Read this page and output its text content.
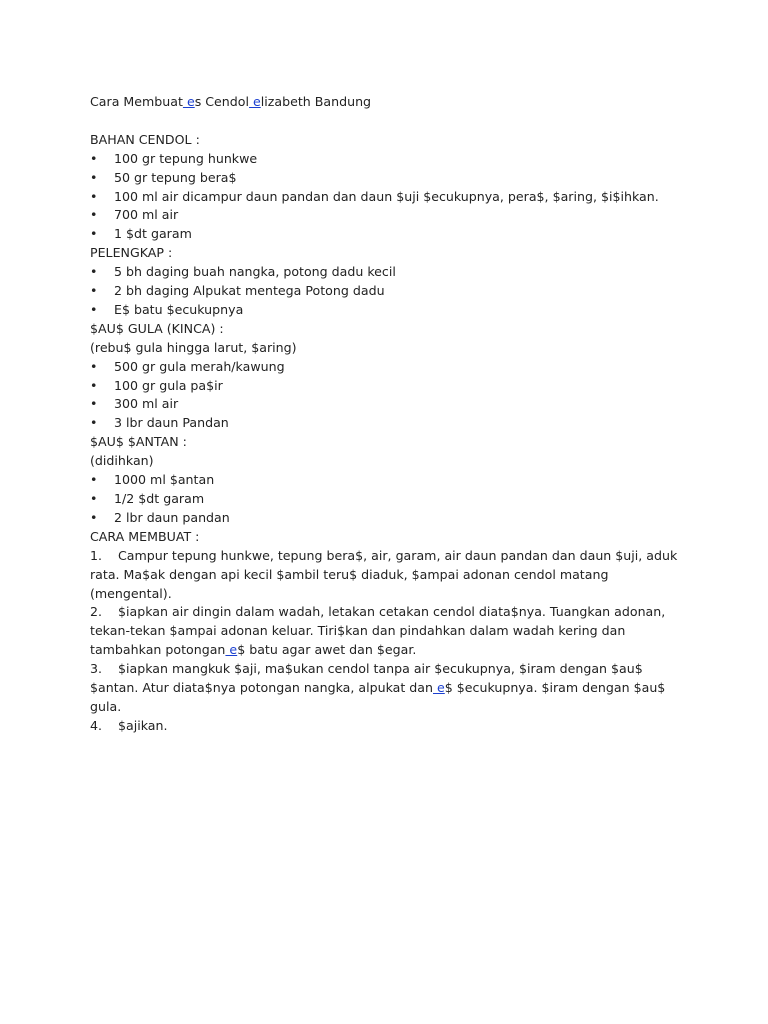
Cara Membuat es Cendol elizabeth Bandung
BAHAN CENDOL :
•	100 gr tepung hunkwe
•	50 gr tepung bera$
•	100 ml air dicampur daun pandan dan daun $uji $ecukupnya, pera$, $aring, $i$ihkan.
•	700 ml air
•	1 $dt garam
PELENGKAP :
•	5 bh daging buah nangka, potong dadu kecil
•	2 bh daging Alpukat mentega Potong dadu
•	E$ batu $ecukupnya
$AU$ GULA (KINCA) :
(rebu$ gula hingga larut, $aring)
•	500 gr gula merah/kawung
•	100 gr gula pa$ir
•	300 ml air
•	3 lbr daun Pandan
$AU$ $ANTAN :
(didihkan)
•	1000 ml $antan
•	1/2 $dt garam
•	2 lbr daun pandan
CARA MEMBUAT :
1. Campur tepung hunkwe, tepung bera$, air, garam, air daun pandan dan daun $uji, aduk
rata. Ma$ak dengan api kecil $ambil teru$ diaduk, $ampai adonan cendol matang
(mengental).
2. $iapkan air dingin dalam wadah, letakan cetakan cendol diata$nya. Tuangkan adonan,
tekan-tekan $ampai adonan keluar. Tiri$kan dan pindahkan dalam wadah kering dan
tambahkan potongan e$ batu agar awet dan $egar.
3. $iapkan mangkuk $aji, ma$ukan cendol tanpa air $ecukupnya, $iram dengan $au$
$antan. Atur diata$nya potongan nangka, alpukat dan e$ $ecukupnya. $iram dengan $au$
gula.
4. $ajikan.
